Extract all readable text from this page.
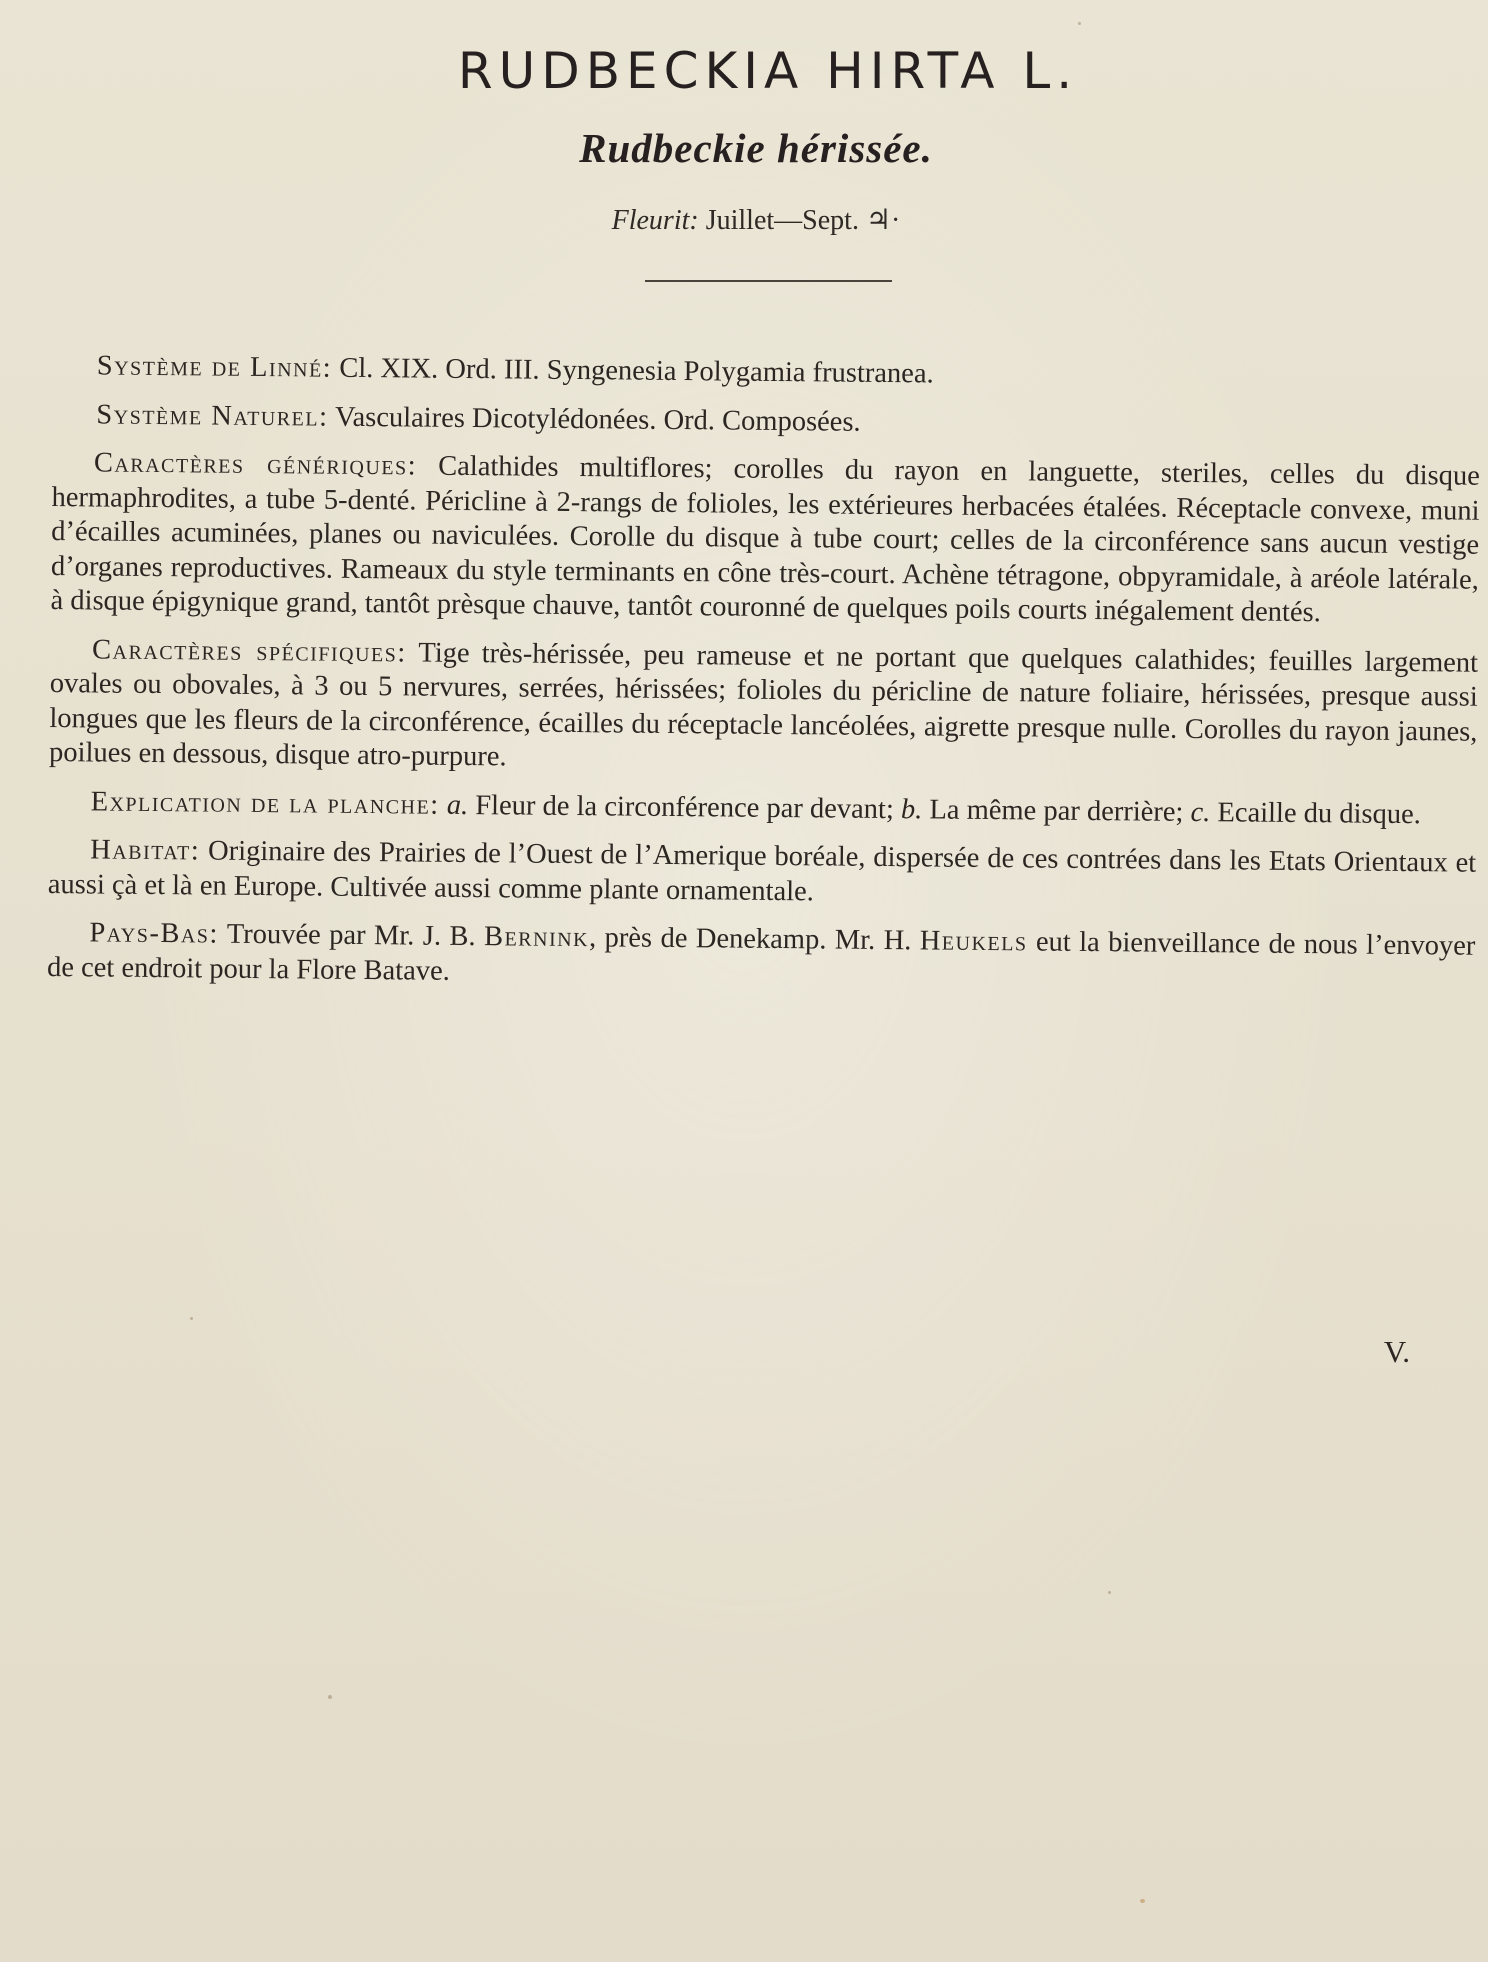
RUDBECKIA HIRTA L.
Rudbeckie hérissée.
Fleurit: Juillet—Sept. ♃·

Système de Linné: Cl. XIX. Ord. III. Syngenesia Polygamia frustranea.

Système Naturel: Vasculaires Dicotylédonées. Ord. Composées.

Caractères génériques: Calathides multiflores; corolles du rayon en languette, steriles, celles du disque hermaphrodites, a tube 5-denté. Péricline à 2-rangs de folioles, les extérieures herbacées étalées. Réceptacle convexe, muni d’écailles acuminées, planes ou naviculées. Corolle du disque à tube court; celles de la circonférence sans aucun vestige d’organes reproductives. Rameaux du style terminants en cône très-court. Achène tétragone, obpyramidale, à aréole latérale, à disque épigynique grand, tantôt prèsque chauve, tantôt couronné de quelques poils courts inégalement dentés.

Caractères spécifiques: Tige très-hérissée, peu rameuse et ne portant que quelques calathides; feuilles largement ovales ou obovales, à 3 ou 5 nervures, serrées, hérissées; folioles du péricline de nature foliaire, hérissées, presque aussi longues que les fleurs de la circonférence, écailles du réceptacle lancéolées, aigrette presque nulle. Corolles du rayon jaunes, poilues en dessous, disque atro-purpure.

Explication de la planche: a. Fleur de la circonférence par devant; b. La même par derrière; c. Ecaille du disque.

Habitat: Originaire des Prairies de l’Ouest de l’Amerique boréale, dispersée de ces contrées dans les Etats Orientaux et aussi çà et là en Europe. Cultivée aussi comme plante ornamentale.

Pays-Bas: Trouvée par Mr. J. B. Bernink, près de Denekamp. Mr. H. Heukels eut la bienveillance de nous l’envoyer de cet endroit pour la Flore Batave.

V.
